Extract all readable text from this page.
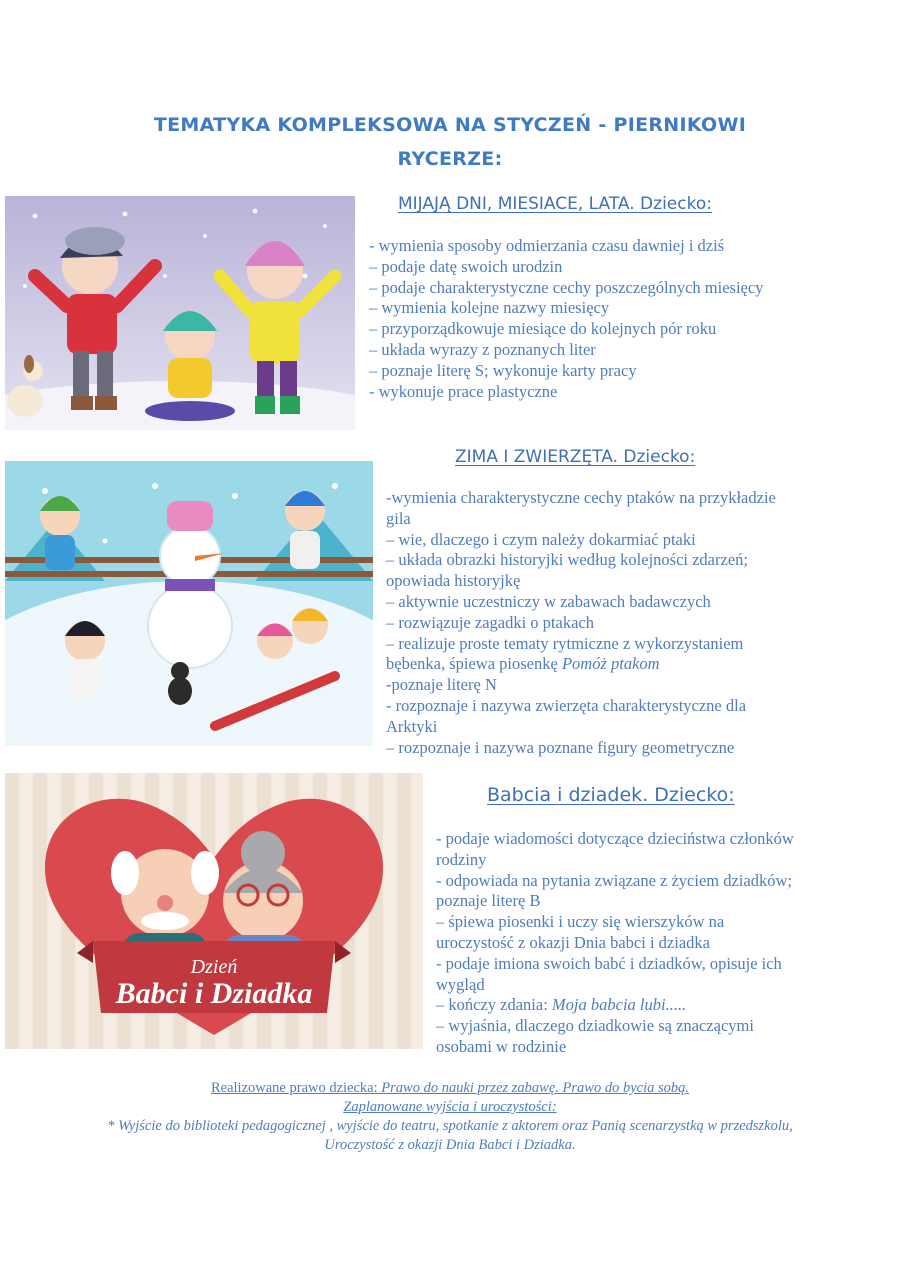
TEMATYKA KOMPLEKSOWA NA STYCZEŃ - PIERNIKOWI RYCERZE:
MIJAJĄ DNI, MIESIACE, LATA. Dziecko:
- wymienia sposoby odmierzania czasu dawniej i dziś
– podaje datę swoich urodzin
– podaje charakterystyczne cechy poszczególnych miesięcy
– wymienia kolejne nazwy miesięcy
– przyporządkowuje miesiące do kolejnych pór roku
– układa wyrazy z poznanych liter
– poznaje literę S; wykonuje karty pracy
- wykonuje prace plastyczne
ZIMA I ZWIERZĘTA. Dziecko:
-wymienia charakterystyczne cechy ptaków na przykładzie gila
– wie, dlaczego i czym należy dokarmiać ptaki
– układa obrazki historyjki według kolejności zdarzeń; opowiada historyjkę
– aktywnie uczestniczy w zabawach badawczych
– rozwiązuje zagadki o ptakach
– realizuje proste tematy rytmiczne z wykorzystaniem bębenka, śpiewa piosenkę Pomóż ptakom
-poznaje literę N
- rozpoznaje i nazywa zwierzęta charakterystyczne dla Arktyki
– rozpoznaje i nazywa poznane figury geometryczne
Dzień
Babci i Dziadka
Babcia i dziadek. Dziecko:
- podaje wiadomości dotyczące dzieciństwa członków rodziny
- odpowiada na pytania związane z życiem dziadków; poznaje literę B
– śpiewa piosenki i uczy się wierszyków na uroczystość z okazji Dnia babci i dziadka
- podaje imiona swoich babć i dziadków, opisuje ich wygląd
– kończy zdania: Moja babcia lubi.....
– wyjaśnia, dlaczego dziadkowie są znaczącymi osobami w rodzinie
Realizowane prawo dziecka: Prawo do nauki przez zabawę. Prawo do bycia sobą.
Zaplanowane wyjścia i uroczystości:
* Wyjście do biblioteki pedagogicznej , wyjście do teatru, spotkanie z aktorem oraz Panią scenarzystką w przedszkolu, Uroczystość z okazji Dnia Babci i Dziadka.
